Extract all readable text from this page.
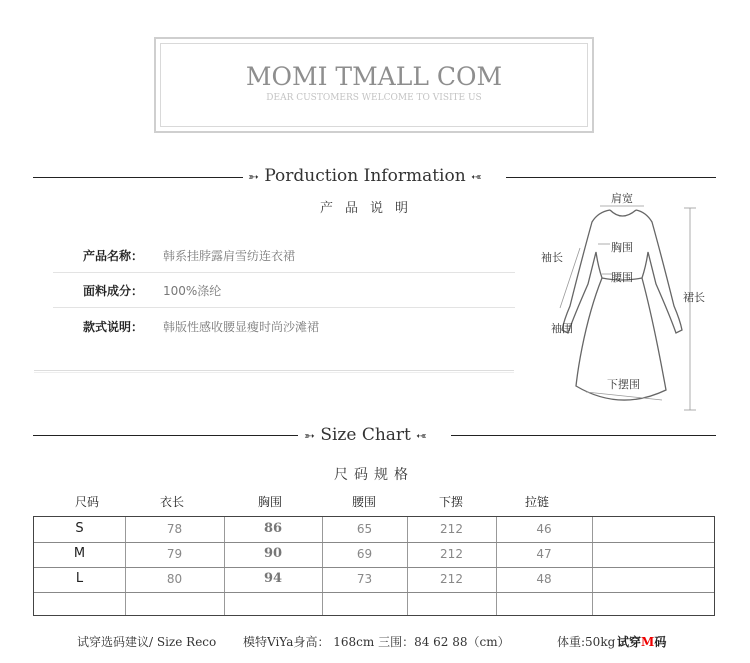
MOMI TMALL COM
DEAR CUSTOMERS WELCOME TO VISITE US
➳ Porduction Information ➳
产品说明
产品名称： 韩系挂脖露肩雪纺连衣裙
面料成分： 100%涤纶
款式说明： 韩版性感收腰显瘦时尚沙滩裙
肩宽
袖长
胸围
腰围
裙长
袖围
下摆围
➳ Size Chart ➳
尺码规格
尺码	衣长	胸围	腰围	下摆	拉链
S	78	86	65	212	46
M	79	90	69	212	47
L	80	94	73	212	48
试穿选码建议/ Size Reco 模特ViYa身高： 168cm 三围：84 62 88（cm）	体重:50kg 试穿M码
